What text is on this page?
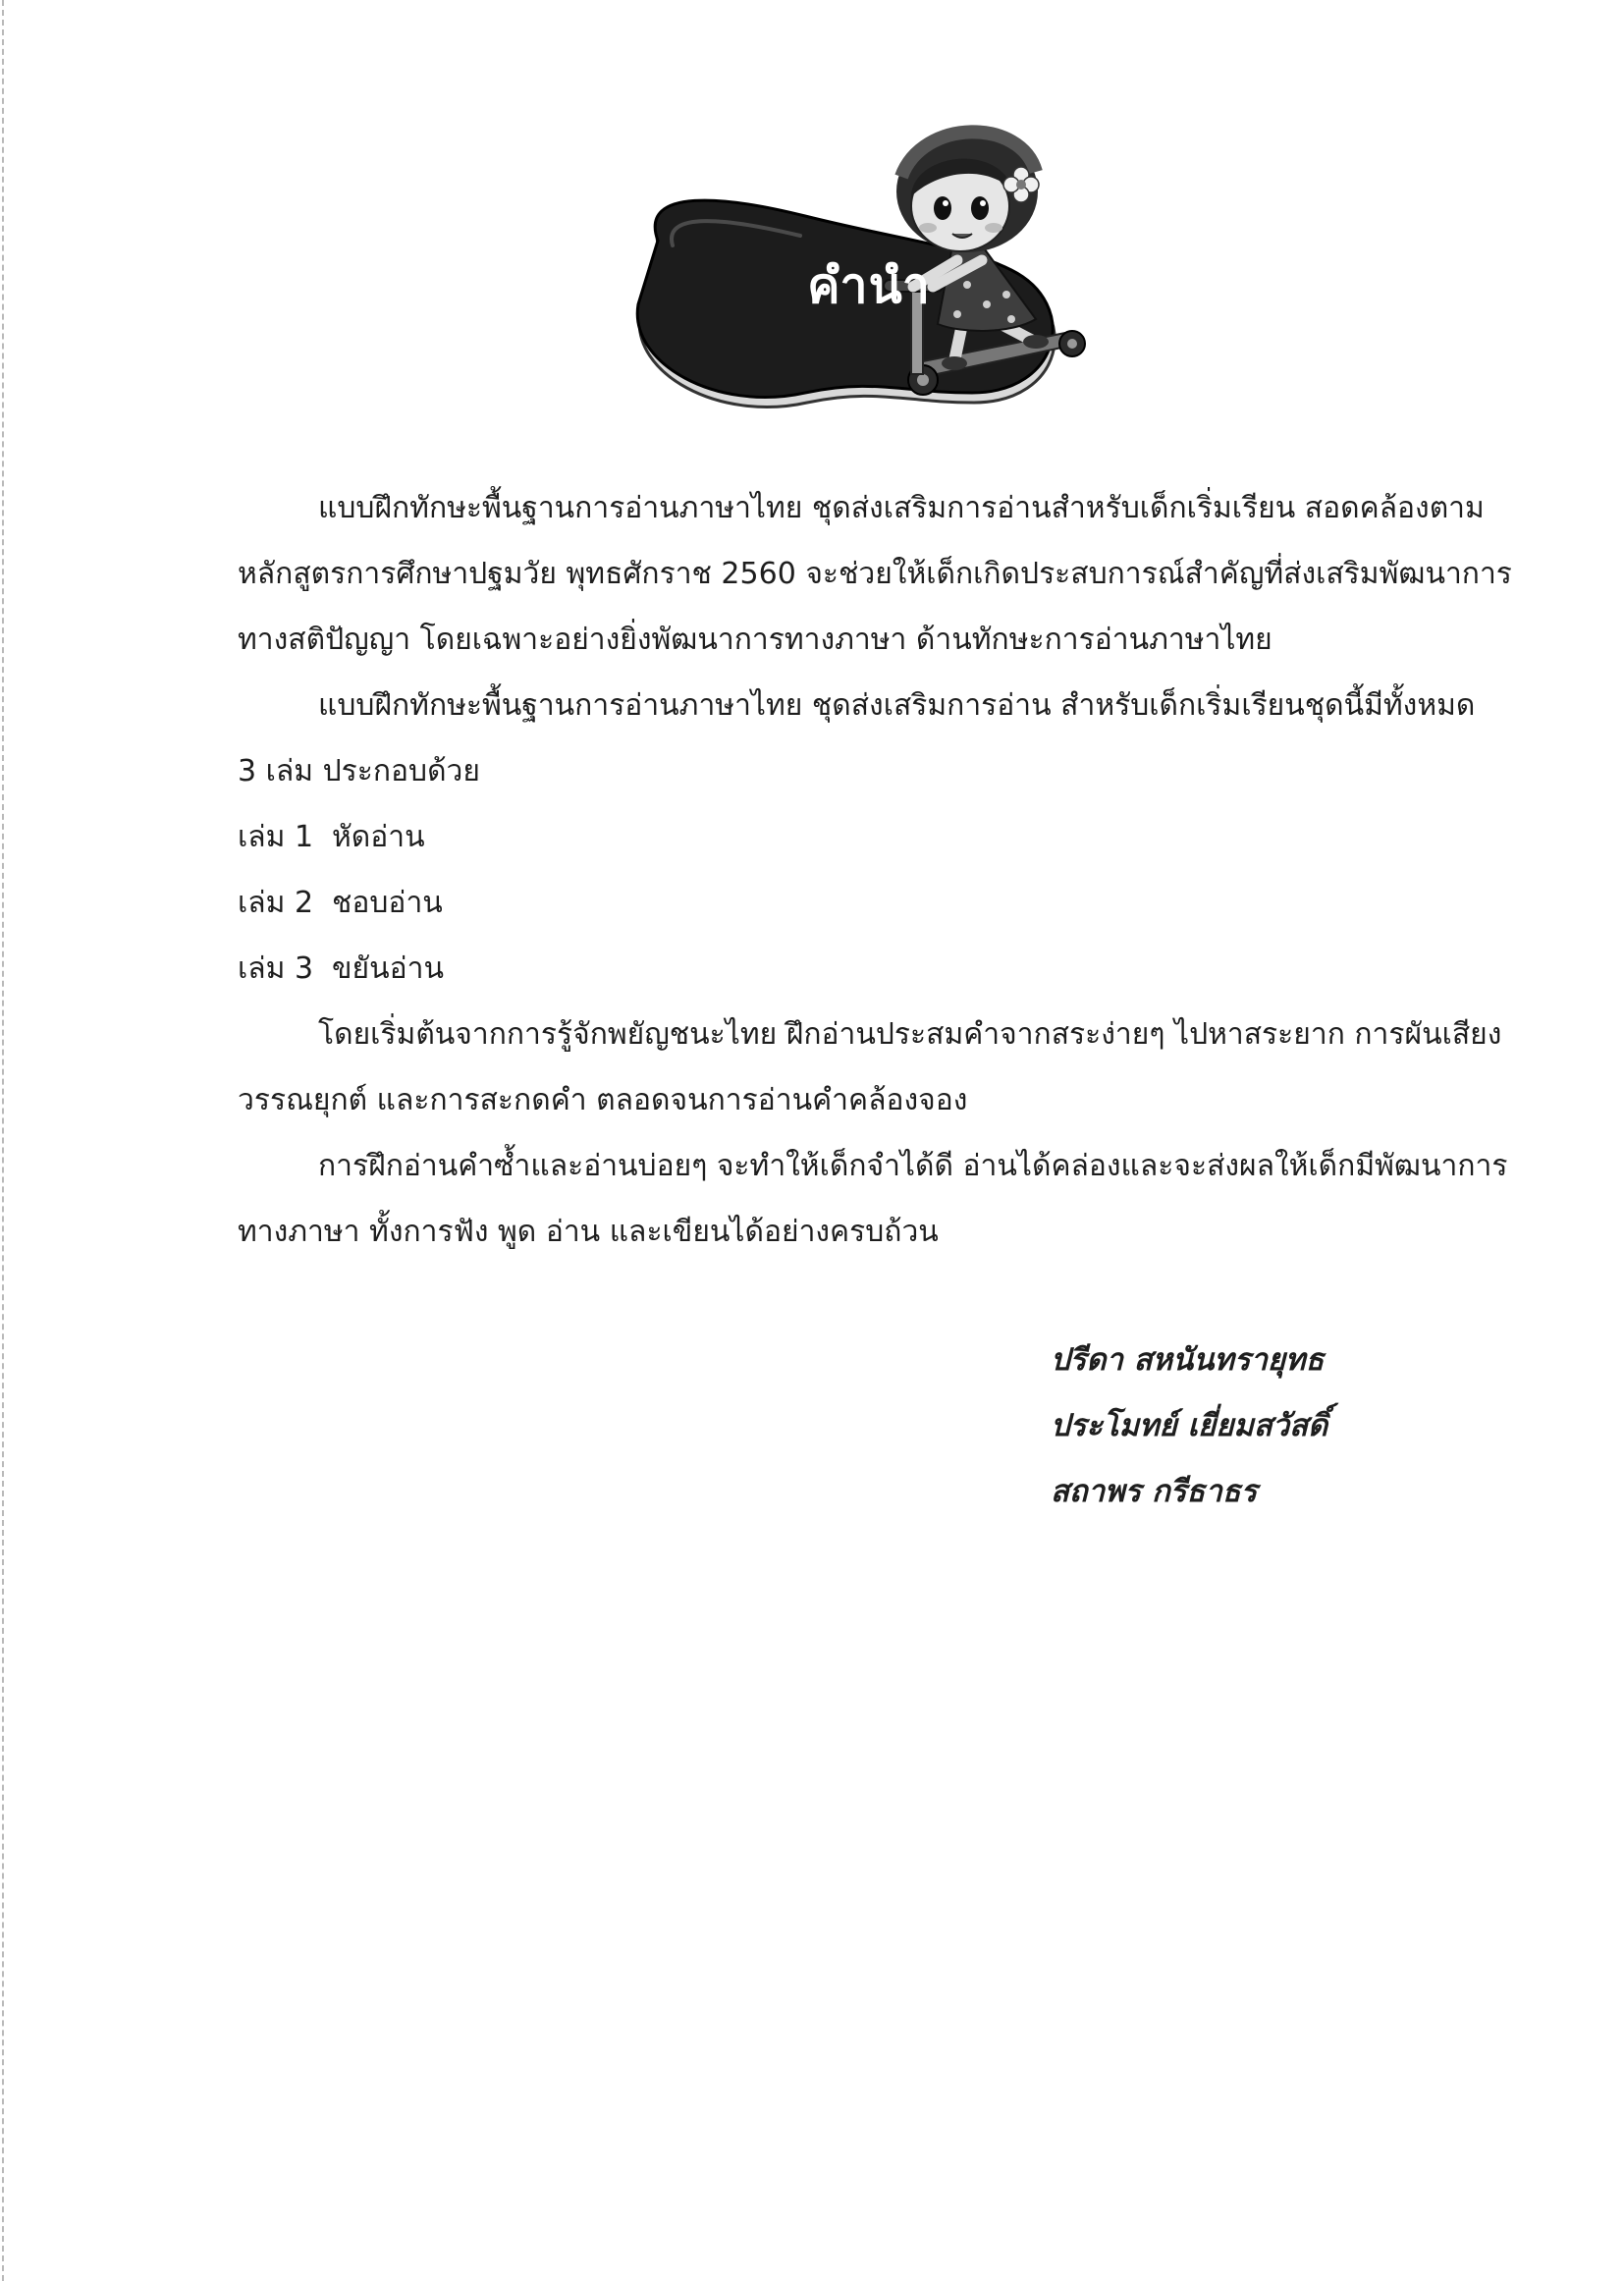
คำนำ

แบบฝึกทักษะพื้นฐานการอ่านภาษาไทย ชุดส่งเสริมการอ่านสำหรับเด็กเริ่มเรียน สอดคล้องตาม
หลักสูตรการศึกษาปฐมวัย พุทธศักราช 2560 จะช่วยให้เด็กเกิดประสบการณ์สำคัญที่ส่งเสริมพัฒนาการ
ทางสติปัญญา โดยเฉพาะอย่างยิ่งพัฒนาการทางภาษา ด้านทักษะการอ่านภาษาไทย

แบบฝึกทักษะพื้นฐานการอ่านภาษาไทย ชุดส่งเสริมการอ่าน สำหรับเด็กเริ่มเรียนชุดนี้มีทั้งหมด
3 เล่ม ประกอบด้วย

เล่ม 1 หัดอ่าน

เล่ม 2 ชอบอ่าน

เล่ม 3 ขยันอ่าน

โดยเริ่มต้นจากการรู้จักพยัญชนะไทย ฝึกอ่านประสมคำจากสระง่ายๆ ไปหาสระยาก การผันเสียง
วรรณยุกต์ และการสะกดคำ ตลอดจนการอ่านคำคล้องจอง

การฝึกอ่านคำซ้ำและอ่านบ่อยๆ จะทำให้เด็กจำได้ดี อ่านได้คล่องและจะส่งผลให้เด็กมีพัฒนาการ
ทางภาษา ทั้งการฟัง พูด อ่าน และเขียนได้อย่างครบถ้วน

ปรีดา สหนันทรายุทธ
ประโมทย์ เยี่ยมสวัสดิ์
สถาพร กรีธาธร
